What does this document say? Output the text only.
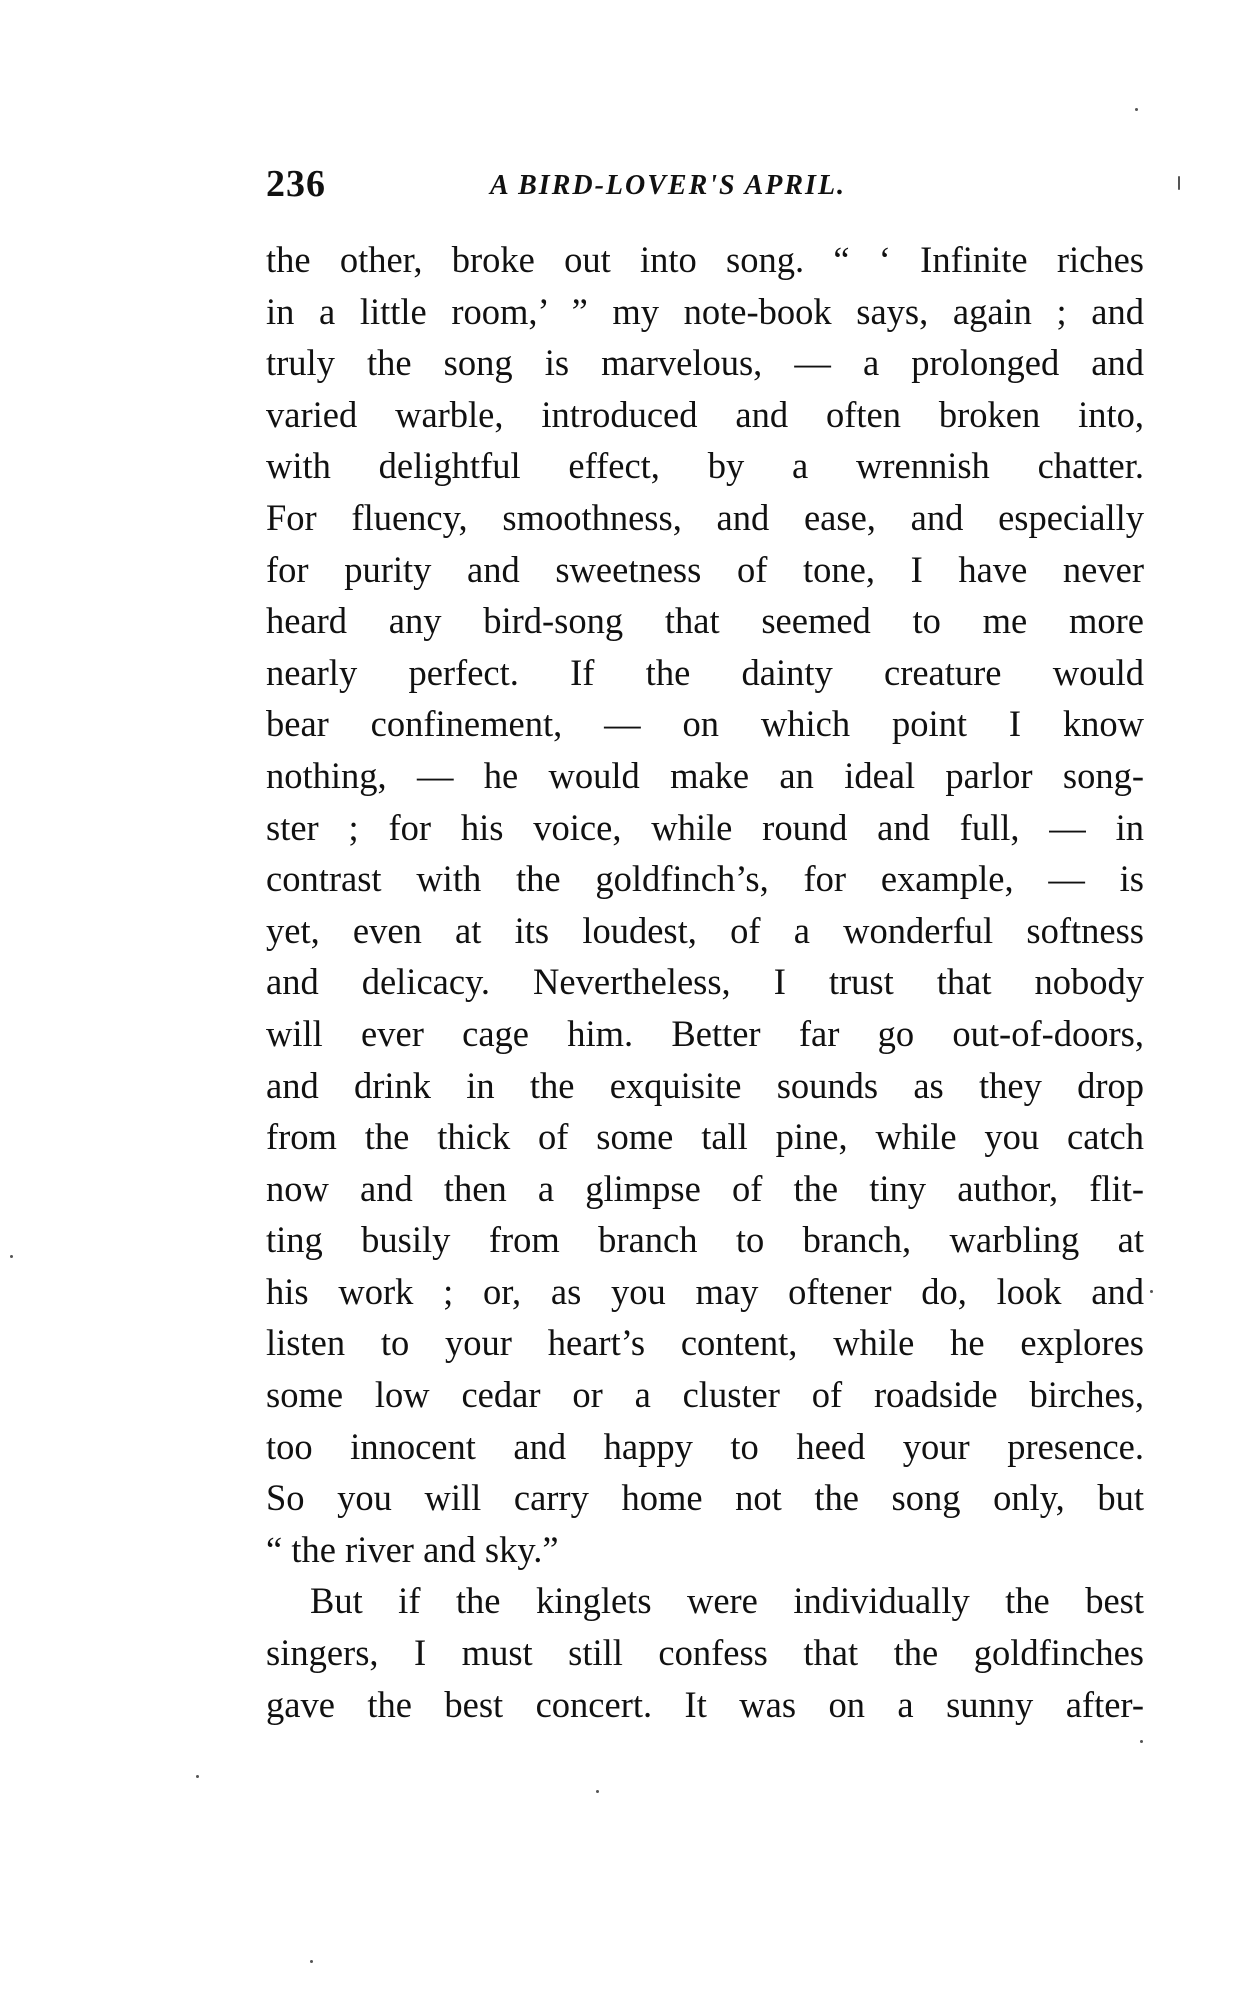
236	A BIRD-LOVER'S APRIL.
the other, broke out into song. “ ‘ Infinite riches
in a little room,’ ” my note-book says, again ; and
truly the song is marvelous, — a prolonged and
varied warble, introduced and often broken into,
with delightful effect, by a wrennish chatter.
For fluency, smoothness, and ease, and especially
for purity and sweetness of tone, I have never
heard any bird-song that seemed to me more
nearly perfect. If the dainty creature would
bear confinement, — on which point I know
nothing, — he would make an ideal parlor song-
ster ; for his voice, while round and full, — in
contrast with the goldfinch’s, for example, — is
yet, even at its loudest, of a wonderful softness
and delicacy. Nevertheless, I trust that nobody
will ever cage him. Better far go out-of-doors,
and drink in the exquisite sounds as they drop
from the thick of some tall pine, while you catch
now and then a glimpse of the tiny author, flit-
ting busily from branch to branch, warbling at
his work ; or, as you may oftener do, look and
listen to your heart’s content, while he explores
some low cedar or a cluster of roadside birches,
too innocent and happy to heed your presence.
So you will carry home not the song only, but
“ the river and sky.”
But if the kinglets were individually the best
singers, I must still confess that the goldfinches
gave the best concert. It was on a sunny after-
